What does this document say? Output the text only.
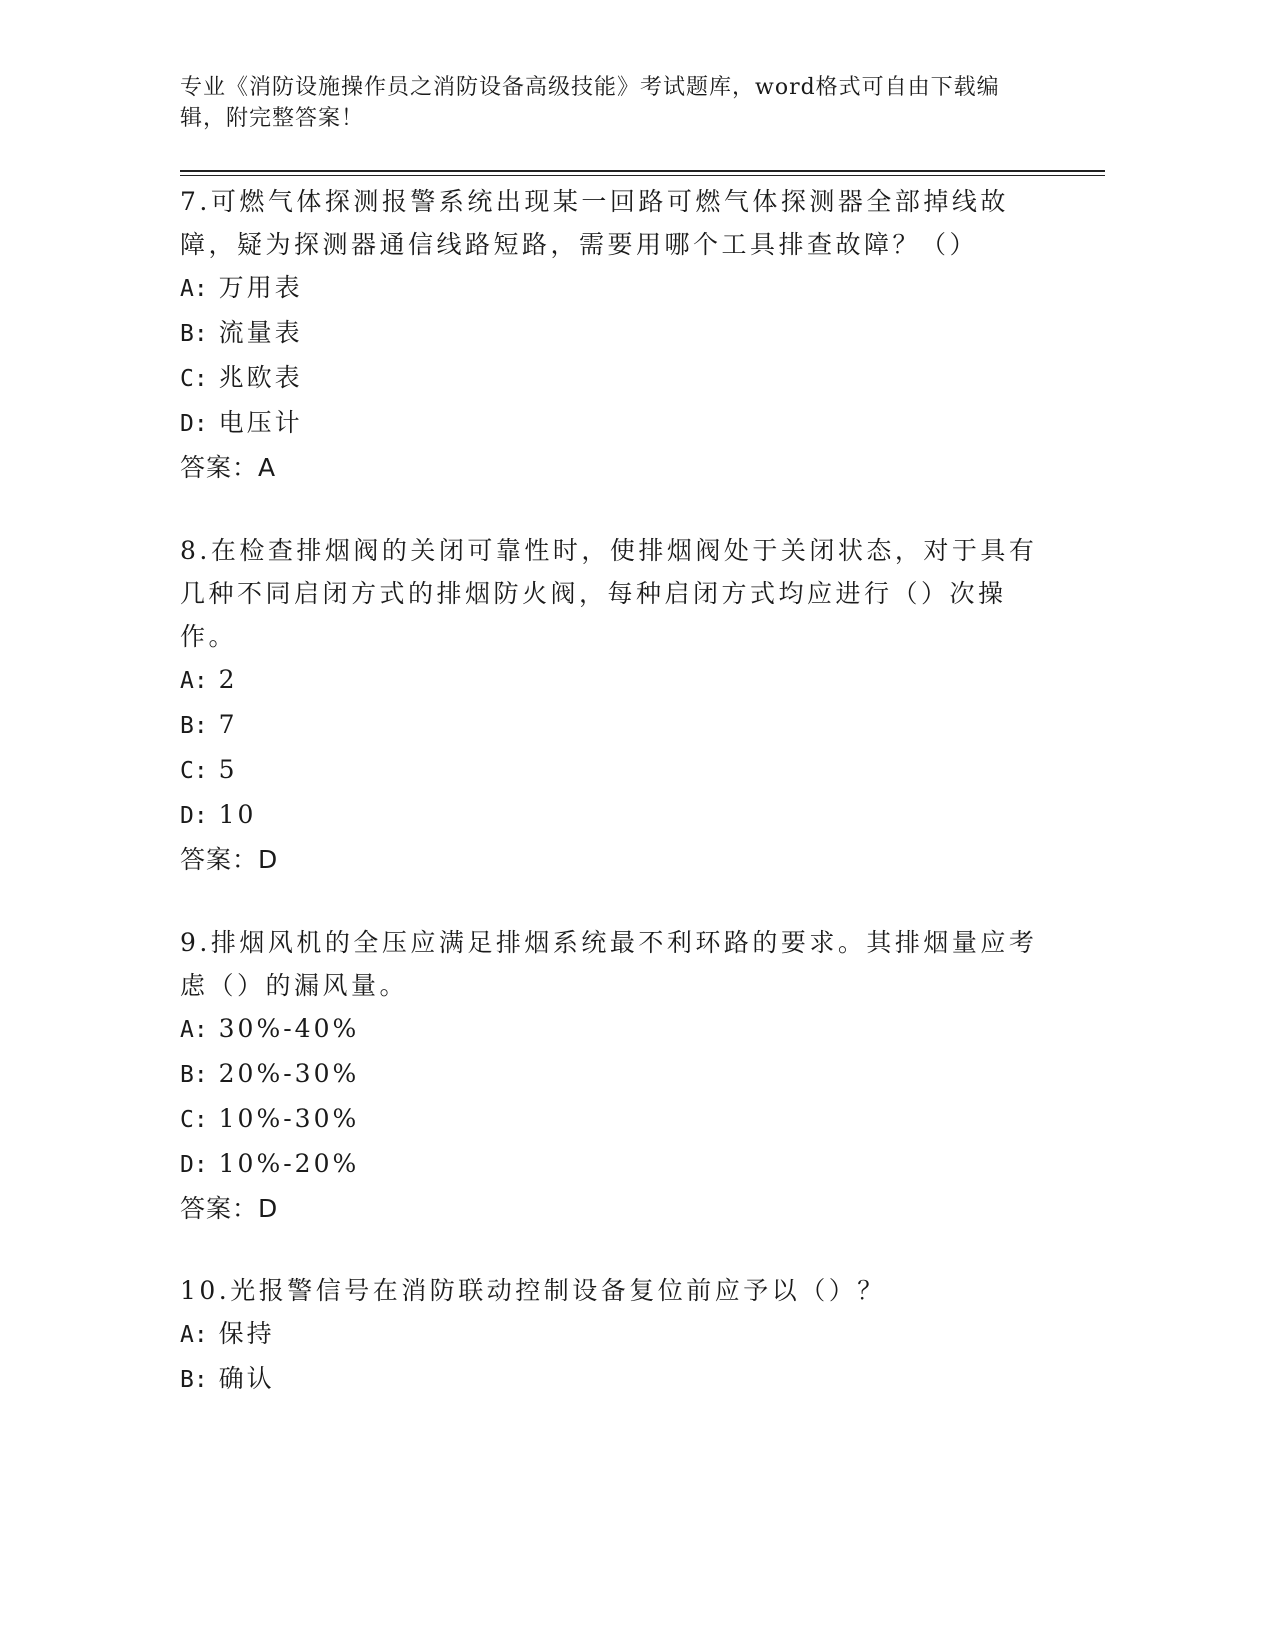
专业《消防设施操作员之消防设备高级技能》考试题库，word格式可自由下载编辑，附完整答案！

7.可燃气体探测报警系统出现某一回路可燃气体探测器全部掉线故障，疑为探测器通信线路短路，需要用哪个工具排查故障？（）

A: 万用表

B: 流量表

C: 兆欧表

D: 电压计

答案：A

8.在检查排烟阀的关闭可靠性时，使排烟阀处于关闭状态，对于具有几种不同启闭方式的排烟防火阀，每种启闭方式均应进行（）次操作。

A: 2

B: 7

C: 5

D: 10

答案：D

9.排烟风机的全压应满足排烟系统最不利环路的要求。其排烟量应考虑（）的漏风量。

A: 30%-40%

B: 20%-30%

C: 10%-30%

D: 10%-20%

答案：D

10.光报警信号在消防联动控制设备复位前应予以（）？

A: 保持

B: 确认
